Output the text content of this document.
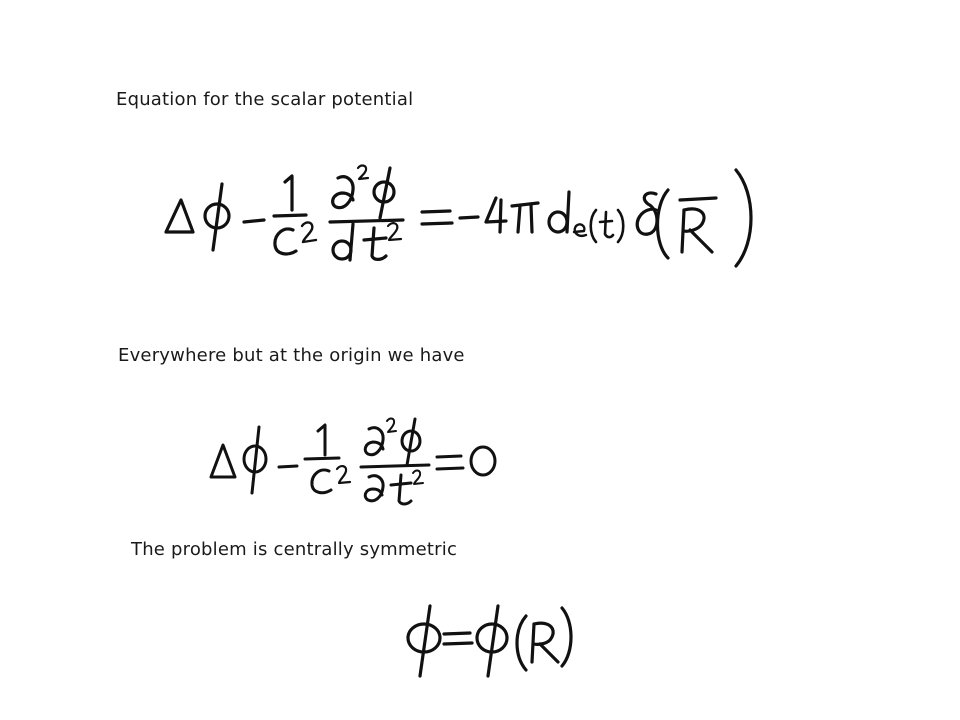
Equation for the scalar potential
Everywhere but at the origin we have
The problem is centrally symmetric
